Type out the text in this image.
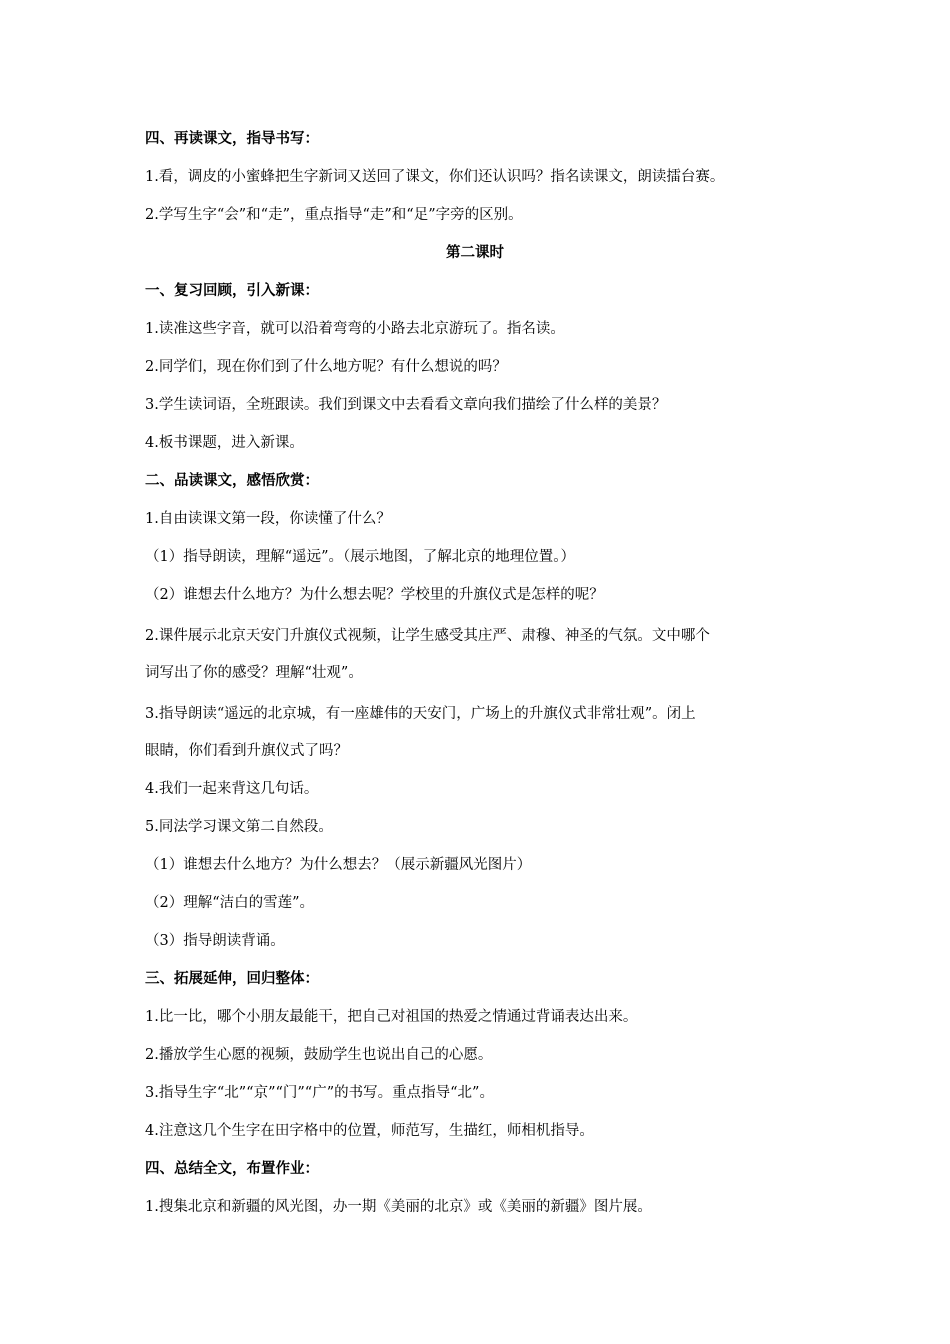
四、再读课文，指导书写：
1.看，调皮的小蜜蜂把生字新词又送回了课文，你们还认识吗？指名读课文，朗读擂台赛。
2.学写生字“会”和“走”，重点指导“走”和“足”字旁的区别。
第二课时
一、复习回顾，引入新课：
1.读准这些字音，就可以沿着弯弯的小路去北京游玩了。指名读。
2.同学们，现在你们到了什么地方呢？有什么想说的吗？
3.学生读词语，全班跟读。我们到课文中去看看文章向我们描绘了什么样的美景？
4.板书课题，进入新课。
二、品读课文，感悟欣赏：
1.自由读课文第一段，你读懂了什么？
（1）指导朗读，理解“遥远”。（展示地图，了解北京的地理位置。）
（2）谁想去什么地方？为什么想去呢？学校里的升旗仪式是怎样的呢？
2.课件展示北京天安门升旗仪式视频，让学生感受其庄严、肃穆、神圣的气氛。文中哪个
词写出了你的感受？理解“壮观”。
3.指导朗读“遥远的北京城，有一座雄伟的天安门，广场上的升旗仪式非常壮观”。闭上
眼睛，你们看到升旗仪式了吗？
4.我们一起来背这几句话。
5.同法学习课文第二自然段。
（1）谁想去什么地方？为什么想去？（展示新疆风光图片）
（2）理解“洁白的雪莲”。
（3）指导朗读背诵。
三、拓展延伸，回归整体：
1.比一比，哪个小朋友最能干，把自己对祖国的热爱之情通过背诵表达出来。
2.播放学生心愿的视频，鼓励学生也说出自己的心愿。
3.指导生字“北”“京”“门”“广”的书写。重点指导“北”。
4.注意这几个生字在田字格中的位置，师范写，生描红，师相机指导。
四、总结全文，布置作业：
1.搜集北京和新疆的风光图，办一期《美丽的北京》或《美丽的新疆》图片展。
